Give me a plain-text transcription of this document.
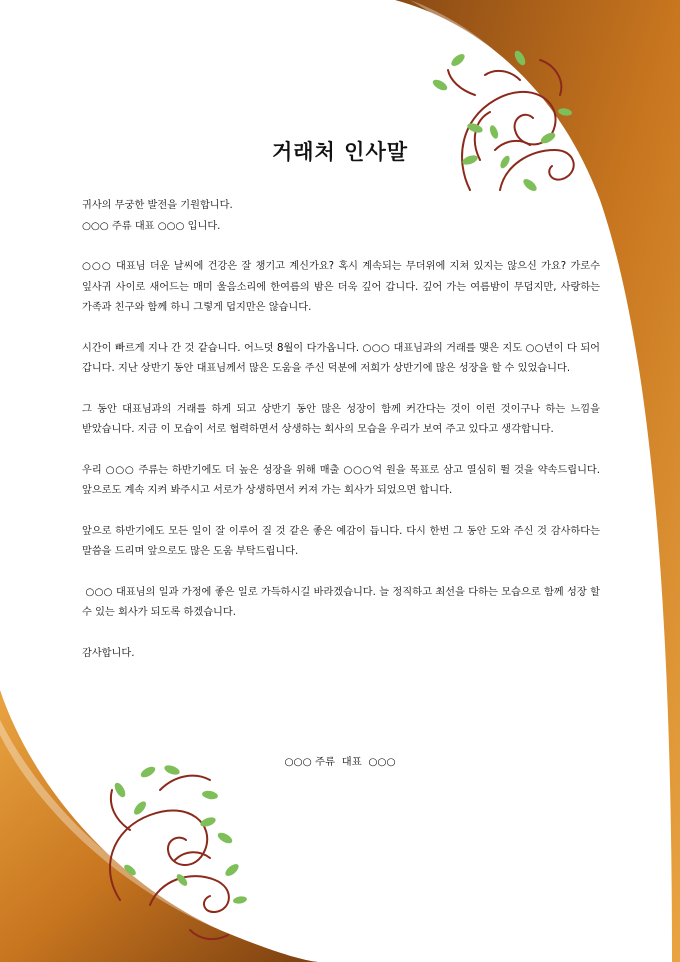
거래처 인사말

귀사의 무궁한 발전을 기원합니다.

○○○ 주류 대표 ○○○ 입니다.

○○○ 대표님 더운 날씨에 건강은 잘 챙기고 계신가요? 혹시 계속되는 무더위에 지쳐 있지는 않으신 가요? 가로수 잎사귀 사이로 새어드는 매미 울음소리에 한여름의 밤은 더욱 깊어 갑니다. 깊어 가는 여름밤이 무덥지만, 사랑하는 가족과 친구와 함께 하니 그렇게 덥지만은 않습니다.

시간이 빠르게 지나 간 것 같습니다. 어느덧 8월이 다가옵니다. ○○○ 대표님과의 거래를 맺은 지도 ○○년이 다 되어 갑니다. 지난 상반기 동안 대표님께서 많은 도움을 주신 덕분에 저희가 상반기에 많은 성장을 할 수 있었습니다.

그 동안 대표님과의 거래를 하게 되고 상반기 동안 많은 성장이 함께 커간다는 것이 이런 것이구나 하는 느낌을 받았습니다. 지금 이 모습이 서로 협력하면서 상생하는 회사의 모습을 우리가 보여 주고 있다고 생각합니다.

우리 ○○○ 주류는 하반기에도 더 높은 성장을 위해 매출 ○○○억 원을 목표로 삼고 열심히 뛸 것을 약속드립니다. 앞으로도 계속 지켜 봐주시고 서로가 상생하면서 커져 가는 회사가 되었으면 합니다.

앞으로 하반기에도 모든 일이 잘 이루어 질 것 같은 좋은 예감이 듭니다. 다시 한번 그 동안 도와 주신 것 감사하다는 말씀을 드리며 앞으로도 많은 도움 부탁드립니다.

○○○ 대표님의 일과 가정에 좋은 일로 가득하시길 바라겠습니다. 늘 정직하고 최선을 다하는 모습으로 함께 성장 할 수 있는 회사가 되도록 하겠습니다.

감사합니다.

○○○ 주류  대표  ○○○
